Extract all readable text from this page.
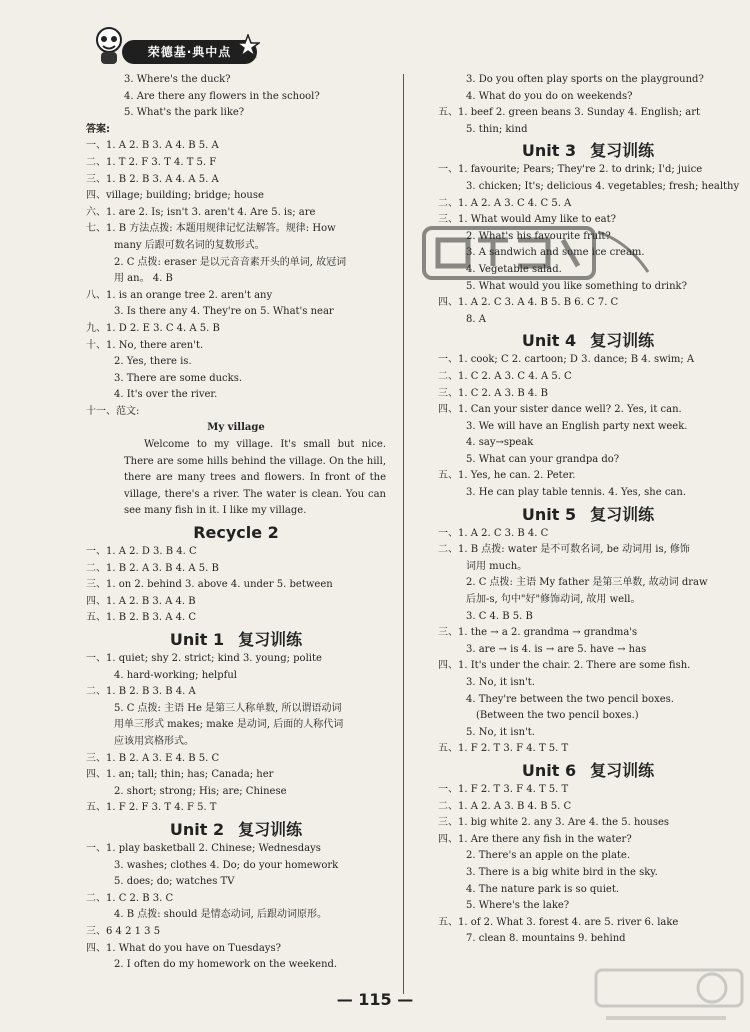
荣德基·典中点
3. Where's the duck?
4. Are there any flowers in the school?
5. What's the park like?
答案:
一、1. A 2. B 3. A 4. B 5. A
二、1. T 2. F 3. T 4. T 5. F
三、1. B 2. B 3. A 4. A 5. A
四、village; building; bridge; house
六、1. are 2. Is; isn't 3. aren't 4. Are 5. is; are
七、1. B 方法点拨: 本题用规律记忆法解答。规律: How
many 后跟可数名词的复数形式。
2. C 点拨: eraser 是以元音音素开头的单词, 故冠词
用 an。 4. B
八、1. is an orange tree 2. aren't any
3. Is there any 4. They're on 5. What's near
九、1. D 2. E 3. C 4. A 5. B
十、1. No, there aren't.
2. Yes, there is.
3. There are some ducks.
4. It's over the river.
十一、范文:
My village
Welcome to my village. It's small but nice. There are some hills behind the village. On the hill, there are many trees and flowers. In front of the village, there's a river. The water is clean. You can see many fish in it. I like my village.
Recycle 2
一、1. A 2. D 3. B 4. C
二、1. B 2. A 3. B 4. A 5. B
三、1. on 2. behind 3. above 4. under 5. between
四、1. A 2. B 3. A 4. B
五、1. B 2. B 3. A 4. C
Unit 1 复习训练
一、1. quiet; shy 2. strict; kind 3. young; polite
4. hard-working; helpful
二、1. B 2. B 3. B 4. A
5. C 点拨: 主语 He 是第三人称单数, 所以谓语动词
用单三形式 makes; make 是动词, 后面的人称代词
应该用宾格形式。
三、1. B 2. A 3. E 4. B 5. C
四、1. an; tall; thin; has; Canada; her
2. short; strong; His; are; Chinese
五、1. F 2. F 3. T 4. F 5. T
Unit 2 复习训练
一、1. play basketball 2. Chinese; Wednesdays
3. washes; clothes 4. Do; do your homework
5. does; do; watches TV
二、1. C 2. B 3. C
4. B 点拨: should 是情态动词, 后跟动词原形。
三、6 4 2 1 3 5
四、1. What do you have on Tuesdays?
2. I often do my homework on the weekend.
3. Do you often play sports on the playground?
4. What do you do on weekends?
五、1. beef 2. green beans 3. Sunday 4. English; art
5. thin; kind
Unit 3 复习训练
一、1. favourite; Pears; They're 2. to drink; I'd; juice
3. chicken; It's; delicious 4. vegetables; fresh; healthy
二、1. A 2. A 3. C 4. C 5. A
三、1. What would Amy like to eat?
2. What's his favourite fruit?
3. A sandwich and some ice cream.
4. Vegetable salad.
5. What would you like something to drink?
四、1. A 2. C 3. A 4. B 5. B 6. C 7. C
8. A
Unit 4 复习训练
一、1. cook; C 2. cartoon; D 3. dance; B 4. swim; A
二、1. C 2. A 3. C 4. A 5. C
三、1. C 2. A 3. B 4. B
四、1. Can your sister dance well? 2. Yes, it can.
3. We will have an English party next week.
4. say→speak
5. What can your grandpa do?
五、1. Yes, he can. 2. Peter.
3. He can play table tennis. 4. Yes, she can.
Unit 5 复习训练
一、1. A 2. C 3. B 4. C
二、1. B 点拨: water 是不可数名词, be 动词用 is, 修饰
词用 much。
2. C 点拨: 主语 My father 是第三单数, 故动词 draw
后加-s, 句中"好"修饰动词, 故用 well。
3. C 4. B 5. B
三、1. the → a 2. grandma → grandma's
3. are → is 4. is → are 5. have → has
四、1. It's under the chair. 2. There are some fish.
3. No, it isn't.
4. They're between the two pencil boxes.
(Between the two pencil boxes.)
5. No, it isn't.
五、1. F 2. T 3. F 4. T 5. T
Unit 6 复习训练
一、1. F 2. T 3. F 4. T 5. T
二、1. A 2. A 3. B 4. B 5. C
三、1. big white 2. any 3. Are 4. the 5. houses
四、1. Are there any fish in the water?
2. There's an apple on the plate.
3. There is a big white bird in the sky.
4. The nature park is so quiet.
5. Where's the lake?
五、1. of 2. What 3. forest 4. are 5. river 6. lake
7. clean 8. mountains 9. behind
— 115 —
